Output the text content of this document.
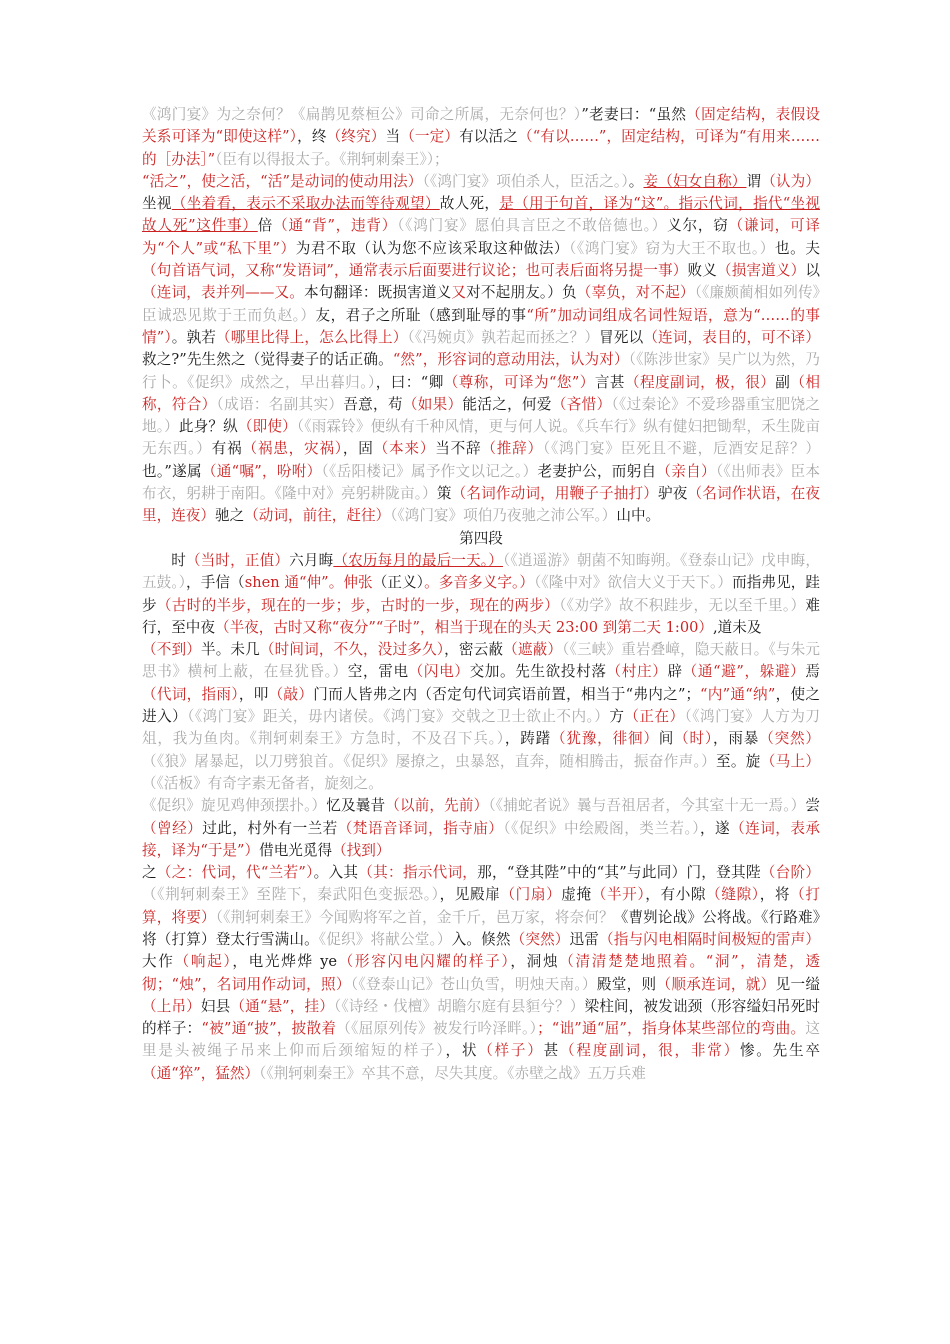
《鸿门宴》为之奈何？《扁鹊见蔡桓公》司命之所属，无奈何也？）”老妻曰：“虽然（固定结构，表假设关系可译为“即使这样”），终（终究）当（一定）有以活之（“有以……”，固定结构，可译为“有用来……的［办法］”（臣有以得报太子。《荆轲刺秦王》）；
“活之”，使之活，“活”是动词的使动用法）（《鸿门宴》项伯杀人，臣活之。）。妾（妇女自称）谓（认为）坐视（坐着看，表示不采取办法而等待观望）故人死，是（用于句首，译为“这”。指示代词，指代“坐视故人死”这件事）倍（通“背”，违背）（《鸿门宴》愿伯具言臣之不敢倍德也。）义尔，窃（谦词，可译为“个人”或“私下里”）为君不取（认为您不应该采取这种做法）（《鸿门宴》窃为大王不取也。）也。夫（句首语气词，又称“发语词”，通常表示后面要进行议论；也可表后面将另提一事）败义（损害道义）以（连词，表并列——又。本句翻译：既损害道义又对不起朋友。）负（辜负，对不起）（《廉颇蔺相如列传》臣诚恐见欺于王而负赵。）友，君子之所耻（感到耻辱的事“所”加动词组成名词性短语，意为“……的事情”）。孰若（哪里比得上，怎么比得上）（《冯婉贞》孰若起而拯之？）冒死以（连词，表目的，可不译）救之?”先生然之（觉得妻子的话正确。“然”，形容词的意动用法，认为对）（《陈涉世家》吴广以为然，乃行卜。《促织》成然之，早出暮归。），曰：“卿（尊称，可译为“您”）言甚（程度副词，极，很）副（相称，符合）（成语：名副其实）吾意，苟（如果）能活之，何爱（吝惜）（《过秦论》不爱珍器重宝肥饶之地。）此身？纵（即使）（《雨霖铃》便纵有千种风情，更与何人说。《兵车行》纵有健妇把锄犁，禾生陇亩无东西。）有祸（祸患，灾祸），固（本来）当不辞（推辞）（《鸿门宴》臣死且不避，卮酒安足辞？）也。”遂属（通“嘱”，吩咐）（《岳阳楼记》属予作文以记之。）老妻护公，而躬自（亲自）（《出师表》臣本布衣，躬耕于南阳。《隆中对》亮躬耕陇亩。）策（名词作动词，用鞭子子抽打）驴夜（名词作状语，在夜里，连夜）驰之（动词，前往，赶往）（《鸿门宴》项伯乃夜驰之沛公军。）山中。

第四段

时（当时，正值）六月晦（农历每月的最后一天。）（《逍遥游》朝菌不知晦朔。《登泰山记》戊申晦，五鼓。），手信（shen 通“伸”。伸张（正义）。多音多义字。）（《隆中对》欲信大义于天下。）而指弗见，跬步（古时的半步，现在的一步；步，古时的一步，现在的两步）（《劝学》故不积跬步，无以至千里。）难行，至中夜（半夜，古时又称“夜分”“子时”，相当于现在的头天 23:00 到第二天 1:00）,道未及
（不到）半。未几（时间词，不久，没过多久），密云蔽（遮蔽）（《三峡》重岩叠嶂，隐天蔽日。《与朱元思书》横柯上蔽，在昼犹昏。）空，雷电（闪电）交加。先生欲投村落（村庄）辟（通“避”，躲避）焉（代词，指雨），叩（敲）门而人皆弗之内（否定句代词宾语前置，相当于“弗内之”；“内”通“纳”，使之进入）（《鸿门宴》距关，毋内诸侯。《鸿门宴》交戟之卫士欲止不内。）方（正在）（《鸿门宴》人方为刀俎，我为鱼肉。《荆轲刺秦王》方急时，不及召下兵。），踌躇（犹豫，徘徊）间（时），雨暴（突然）（《狼》屠暴起，以刀劈狼首。《促织》屡撩之，虫暴怒，直奔，随相腾击，振奋作声。）至。旋（马上）（《活板》有奇字素无备者，旋刻之。
《促织》旋见鸡伸颈摆扑。）忆及曩昔（以前，先前）（《捕蛇者说》曩与吾祖居者，今其室十无一焉。）尝（曾经）过此，村外有一兰若（梵语音译词，指寺庙）（《促织》中绘殿阁，类兰若。），遂（连词，表承接，译为“于是”）借电光觅得（找到）
之（之：代词，代“兰若”）。入其（其：指示代词，那，“登其陛”中的“其”与此同）门，登其陛（台阶）（《荆轲刺秦王》至陛下，秦武阳色变振恐。），见殿扉（门扇）虚掩（半开），有小隙（缝隙），将（打算，将要）（《荆轲刺秦王》今闻购将军之首，金千斤，邑万家，将奈何？《曹刿论战》公将战。《行路难》将（打算）登太行雪满山。《促织》将献公堂。）入。倏然（突然）迅雷（指与闪电相隔时间极短的雷声）大作（响起），电光烨烨 ye（形容闪电闪耀的样子），洞烛（清清楚楚地照着。“洞”，清楚，透彻；“烛”，名词用作动词，照）（《登泰山记》苍山负雪，明烛天南。）殿堂，则（顺承连词，就）见一缢（上吊）妇县（通“悬”，挂）（《诗经・伐檀》胡瞻尔庭有县貆兮？）梁柱间，被发诎颈（形容缢妇吊死时的样子：“被”通“披”，披散着（《屈原列传》被发行吟泽畔。）；“诎”通“屈”，指身体某些部位的弯曲。这里是头被绳子吊来上仰而后颈缩短的样子），状（样子）甚（程度副词，很，非常）惨。先生卒（通“猝”，猛然）（《荆轲刺秦王》卒其不意，尽失其度。《赤壁之战》五万兵难
